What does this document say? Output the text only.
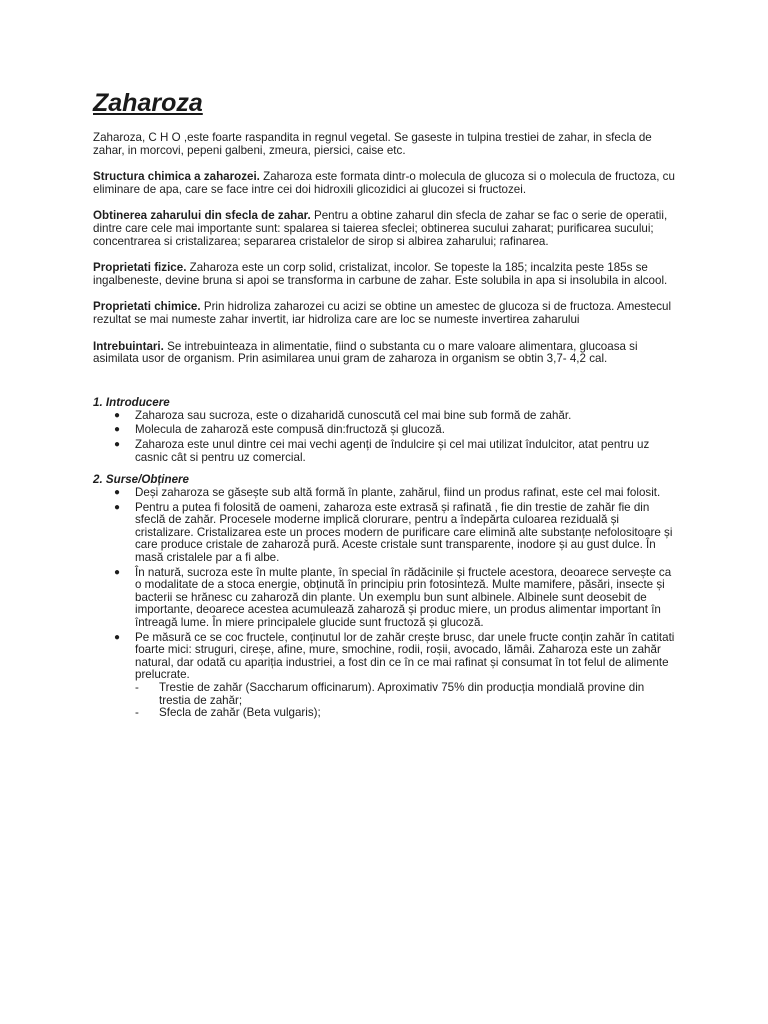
Zaharoza

Zaharoza, C H O ,este foarte raspandita in regnul vegetal. Se gaseste in tulpina trestiei de zahar, in sfecla de zahar, in morcovi, pepeni galbeni, zmeura, piersici, caise etc.

Structura chimica a zaharozei. Zaharoza este formata dintr-o molecula de glucoza si o molecula de fructoza, cu eliminare de apa, care se face intre cei doi hidroxili glicozidici ai glucozei si fructozei.

Obtinerea zaharului din sfecla de zahar. Pentru a obtine zaharul din sfecla de zahar se fac o serie de operatii, dintre care cele mai importante sunt: spalarea si taierea sfeclei; obtinerea sucului zaharat; purificarea sucului; concentrarea si cristalizarea; separarea cristalelor de sirop si albirea zaharului; rafinarea.

Proprietati fizice. Zaharoza este un corp solid, cristalizat, incolor. Se topeste la 185; incalzita peste 185s se ingalbeneste, devine bruna si apoi se transforma in carbune de zahar. Este solubila in apa si insolubila in alcool.

Proprietati chimice. Prin hidroliza zaharozei cu acizi se obtine un amestec de glucoza si de fructoza. Amestecul rezultat se mai numeste zahar invertit, iar hidroliza care are loc se numeste invertirea zaharului

Intrebuintari. Se intrebuinteaza in alimentatie, fiind o substanta cu o mare valoare alimentara, glucoasa si asimilata usor de organism. Prin asimilarea unui gram de zaharoza in organism se obtin 3,7- 4,2 cal.

1. Introducere
● Zaharoza sau sucroza, este o dizaharidă cunoscută cel mai bine sub formă de zahăr.
● Molecula de zaharoză este compusă din:fructoză și glucoză.
● Zaharoza este unul dintre cei mai vechi agenți de îndulcire și cel mai utilizat îndulcitor, atat pentru uz casnic cât si pentru uz comercial.
2. Surse/Obținere
● Deși zaharoza se găsește sub altă formă în plante, zahărul, fiind un produs rafinat, este cel mai folosit.
● Pentru a putea fi folosită de oameni, zaharoza este extrasă și rafinată , fie din trestie de zahăr fie din sfeclă de zahăr. Procesele moderne implică clorurare, pentru a îndepărta culoarea reziduală și cristalizare. Cristalizarea este un proces modern de purificare care elimină alte substanțe nefolositoare și care produce cristale de zaharoză pură. Aceste cristale sunt transparente, inodore și au gust dulce. În masă cristalele par a fi albe.
● În natură, sucroza este în multe plante, în special în rădăcinile și fructele acestora, deoarece servește ca o modalitate de a stoca energie, obținută în principiu prin fotosinteză. Multe mamifere, păsări, insecte și bacterii se hrănesc cu zaharoză din plante. Un exemplu bun sunt albinele. Albinele sunt deosebit de importante, deoarece acestea acumulează zaharoză și produc miere, un produs alimentar important în întreagă lume. În miere principalele glucide sunt fructoză și glucoză.
● Pe măsură ce se coc fructele, conținutul lor de zahăr crește brusc, dar unele fructe conțin zahăr în catitati foarte mici: struguri, cireșe, afine, mure, smochine, rodii, roșii, avocado, lămâi. Zaharoza este un zahăr natural, dar odată cu apariția industriei, a fost din ce în ce mai rafinat și consumat în tot felul de alimente prelucrate.
- Trestie de zahăr (Saccharum officinarum). Aproximativ 75% din producția mondială provine din trestia de zahăr;
- Sfecla de zahăr (Beta vulgaris);
